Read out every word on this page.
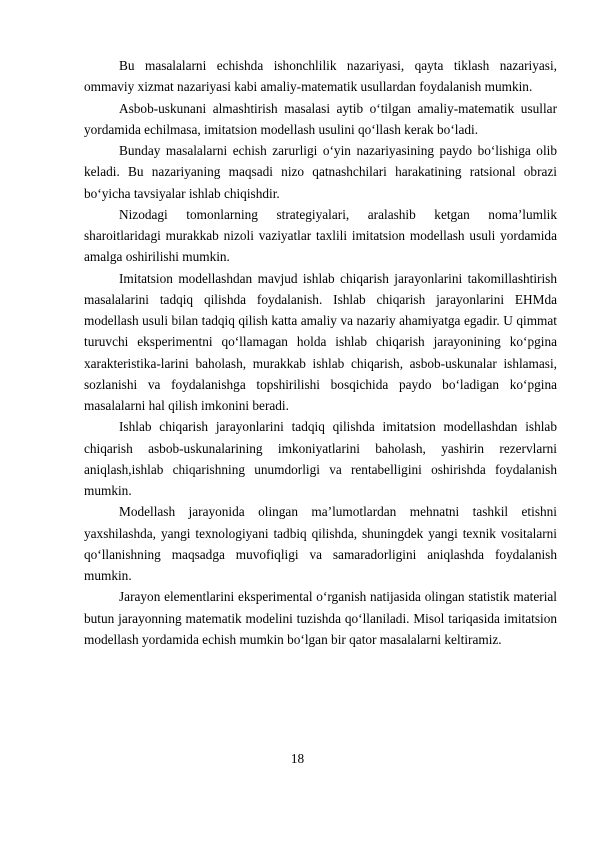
Bu masalalarni echishda ishonchlilik nazariyasi, qayta tiklash nazariyasi, ommaviy xizmat nazariyasi kabi amaliy-matematik usullardan foydalanish mumkin.

Asbob-uskunani almashtirish masalasi aytib o‘tilgan amaliy-matematik usullar yordamida echilmasa, imitatsion modellash usulini qo‘llash kerak bo‘ladi.

Bunday masalalarni echish zarurligi o‘yin nazariyasining paydo bo‘lishiga olib keladi. Bu nazariyaning maqsadi nizo qatnashchilari harakatining ratsional obrazi bo‘yicha tavsiyalar ishlab chiqishdir.

Nizodagi tomonlarning strategiyalari, aralashib ketgan noma’lumlik sharoitlaridagi murakkab nizoli vaziyatlar taxlili imitatsion modellash usuli yordamida amalga oshirilishi mumkin.

Imitatsion modellashdan mavjud ishlab chiqarish jarayonlarini takomillashtirish masalalarini tadqiq qilishda foydalanish. Ishlab chiqarish jarayonlarini EHMda modellash usuli bilan tadqiq qilish katta amaliy va nazariy ahamiyatga egadir. U qimmat turuvchi eksperimentni qo‘llamagan holda ishlab chiqarish jarayonining ko‘pgina xarakteristika-larini baholash, murakkab ishlab chiqarish, asbob-uskunalar ishlamasi, sozlanishi va foydalanishga topshirilishi bosqichida paydo bo‘ladigan ko‘pgina masalalarni hal qilish imkonini beradi.

Ishlab chiqarish jarayonlarini tadqiq qilishda imitatsion modellashdan ishlab chiqarish asbob-uskunalarining imkoniyatlarini baholash, yashirin rezervlarni aniqlash,ishlab chiqarishning unumdorligi va rentabelligini oshirishda foydalanish mumkin.

Modellash jarayonida olingan ma’lumotlardan mehnatni tashkil etishni yaxshilashda, yangi texnologiyani tadbiq qilishda, shuningdek yangi texnik vositalarni qo‘llanishning maqsadga muvofiqligi va samaradorligini aniqlashda foydalanish mumkin.

Jarayon elementlarini eksperimental o‘rganish natijasida olingan statistik material butun jarayonning matematik modelini tuzishda qo‘llaniladi. Misol tariqasida imitatsion modellash yordamida echish mumkin bo‘lgan bir qator masalalarni keltiramiz.

18
